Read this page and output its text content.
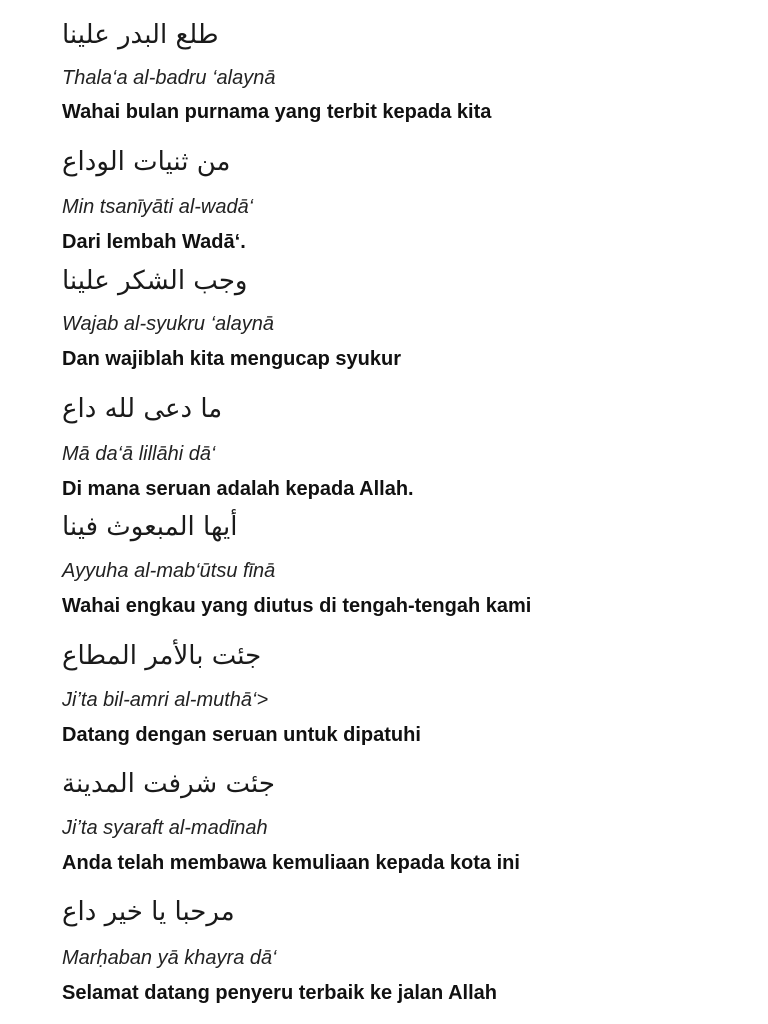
طلع البدر علينا
Thala‘a al-badru ‘alaynā
Wahai bulan purnama yang terbit kepada kita
من ثنيات الوداع
Min tsanīyāti al-wadā‘
Dari lembah Wadā‘.
وجب الشكر علينا
Wajab al-syukru ‘alaynā
Dan wajiblah kita mengucap syukur
ما دعى لله داع
Mā da‘ā lillāhi dā‘
Di mana seruan adalah kepada Allah.
أيها المبعوث فينا
Ayyuha al-mab‘ūtsu fīnā
Wahai engkau yang diutus di tengah-tengah kami
جئت بالأمر المطاع
Ji’ta bil-amri al-muthā‘>
Datang dengan seruan untuk dipatuhi
جئت شرفت المدينة
Ji’ta syaraft al-madīnah
Anda telah membawa kemuliaan kepada kota ini
مرحبا يا خير داع
Marḥaban yā khayra dā‘
Selamat datang penyeru terbaik ke jalan Allah
